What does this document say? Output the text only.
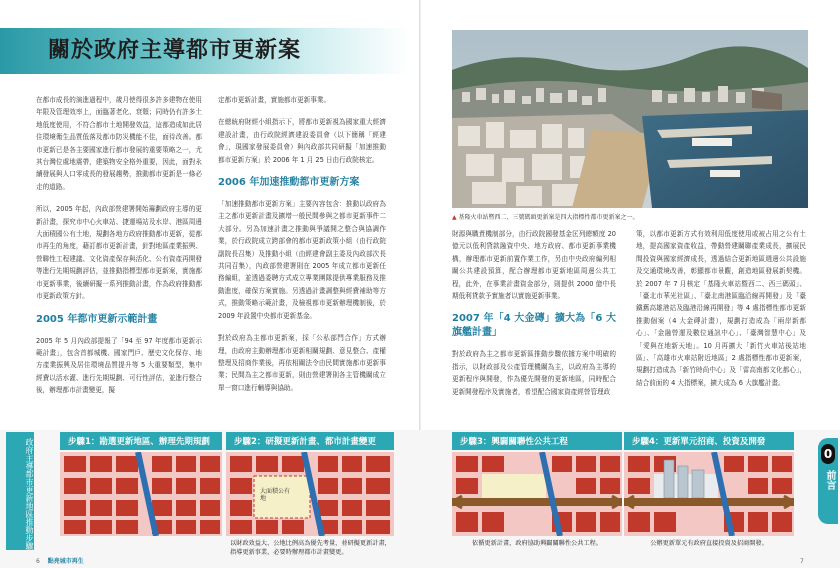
關於政府主導都市更新案

在都市成長的演進過程中，歲月使得很多許多建物在使用年限及管理效率上，面臨著老化、衰頹；同時仍有許多土地低度使用，不符合都市土地開發效益，這都造成如此居住環境衛生品質低落及都市防災機能不佳，面待改善。都市更新已是各主要國家進行都市發展的重要策略之一，尤其台灣位處地震帶，建築物安全格外重要，因此，面對永續發展與人口零成長的發展趨勢，推動都市更新是一條必走的道路。

所以，2005 年起，內政部營建署開始籌劃政府主導的更新計畫，探究市中心火車站、捷運場站及水岸、港區周邊大面積國公有土地，規劃各地方政府推動都市更新，從都市再生的角度，藉訂都市更新計畫，針對地區產業振興、營聯性工程建議、文化資產保存與活化、公有資產再開發等進行先期規劃評估，並推動指標型都市更新案，實施都市更新事業，後續研擬一系列推動計畫，作為政府推動都市更新政策方針。

2005 年都市更新示範計畫

2005 年 5 月內政部提報了「94 至 97 年度都市更新示範計畫」，包含首都城機、國家門戶、歷史文化保存、地方產業振興及居住環境品質提升等 5 大重要類型，集中經費以活水灌、進行先期規劃、可行性評估，並進行整合後，辦理都市計畫變更，擬

定都市更新計畫，實施都市更新事業。

在總統府財經小組指示下，將都市更新視為國家重大經濟建設計畫，由行政院經濟建設委員會（以下簡稱「經建會」，現國家發展委員會）與內政部共同研擬「加速推動都市更新方案」於 2006 年 1 月 25 日由行政院核定。

2006 年加速推動都市更新方案

「加速推動都市更新方案」主要內容包含：推動以政府為主之都市更新計畫及擴增一般民間參與之都市更新事件二大部分。另為加速計畫之推動與爭議開之整合與協調作業，於行政院成立跨部會的都市更新政策小組（由行政院副院長召集）及推動小組（由經建會副主委及內政部次長共同召集），內政部營建署則在 2005 年成立都市更新任務編組，並透過委聘方式成立專業團隊提供專業服務及推動進度，確保方案實施。另透過計畫調整與經費補助等方式，推動策略示範計畫，及檢視都市更新辦理機制後，於 2009 年設置中央都市更新基金。

對於政府為主都市更新案，採「公私部門合作」方式辦理，由政府主動辦理都市更新相關規劃、意見整合、產權整理及招商作業後，再依相關法令由民間實施都市更新事業；民間為主之都市更新，則由營建署則各主管機關成立單一窗口進行輔導與協助。

▲ 基隆火車站暨西二、三號碼頭更新案是四大指標性都市更新案之一。

財源與職責機制部分，由行政院國發基金匡列總額度 20 億元以低利貸款融資中央、地方政府、都市更新事業機構，辦理都市更新前置作業工作，另由中央政府編列相關公共建設預算，配合辦理都市更新地區周邊公共工程，此外，在事業計畫資金部分，則提供 2000 億中長期低利貸款予實施者以實施更新事業。

2007 年「4 大金磚」擴大為「6 大旗艦計畫」

對於政府為主之都市更新區推動步驟依據方案中明確的指示，以財政部及公產管理機關為主，以政府為主導的更新程序與開發，作為優先開發的更新地區，同時配合更新開發程序及實施者，希望配合國家資產經營管理政

策，以都市更新方式有效利用低度使用或被占用之公有土地，提高國家資產收益，帶動營建關聯產業成長，擴展民間投資與國家經濟成長，透過結合更新地區週邊公共設施及交通環境改善，彰顯都市景觀，創造地區發展新契機。於 2007 年 7 月核定「基隆火車站暨西二、西三碼頭」、「臺北市華光社區」、「臺北南港區臨沿線再開發」及「臺鐵舊高雄港站及臨港沿線再開發」等 4 處指標性都市更新推動個案（4 大金磚計畫），規劃打造成為「兩岸新都心」、「金融營運及數位通訊中心」、「臺灣智慧中心」及「愛與在地新天地」。10 月再擴大「新竹火車站後站地區」、「高雄市火車站附近地區」2 處指標性都市更新案，規劃打造成為「新竹時尚中心」及「雷高南都文化都心」，結合前面的 4 大指標案，擴大成為 6 大旗艦計畫。

政府主導都市更新地區推動步驟	步驟1：勘選更新地區、辦理先期規劃	步驟2：研擬更新計畫、都市計畫變更
大面積公有地
以財政效益大、公地比例高為優先考量，並研擬更新計畫，指導更新事業，必要時辦理都市計畫變更。
步驟3：興闢關聯性公共工程
依循更新計畫，政府協助興闢關聯性公共工程。
步驟4：更新單元招商、投資及開發
公辦更新單元有政府直接投資及招商開發。
0
前言
6 點亮城市再生	7
